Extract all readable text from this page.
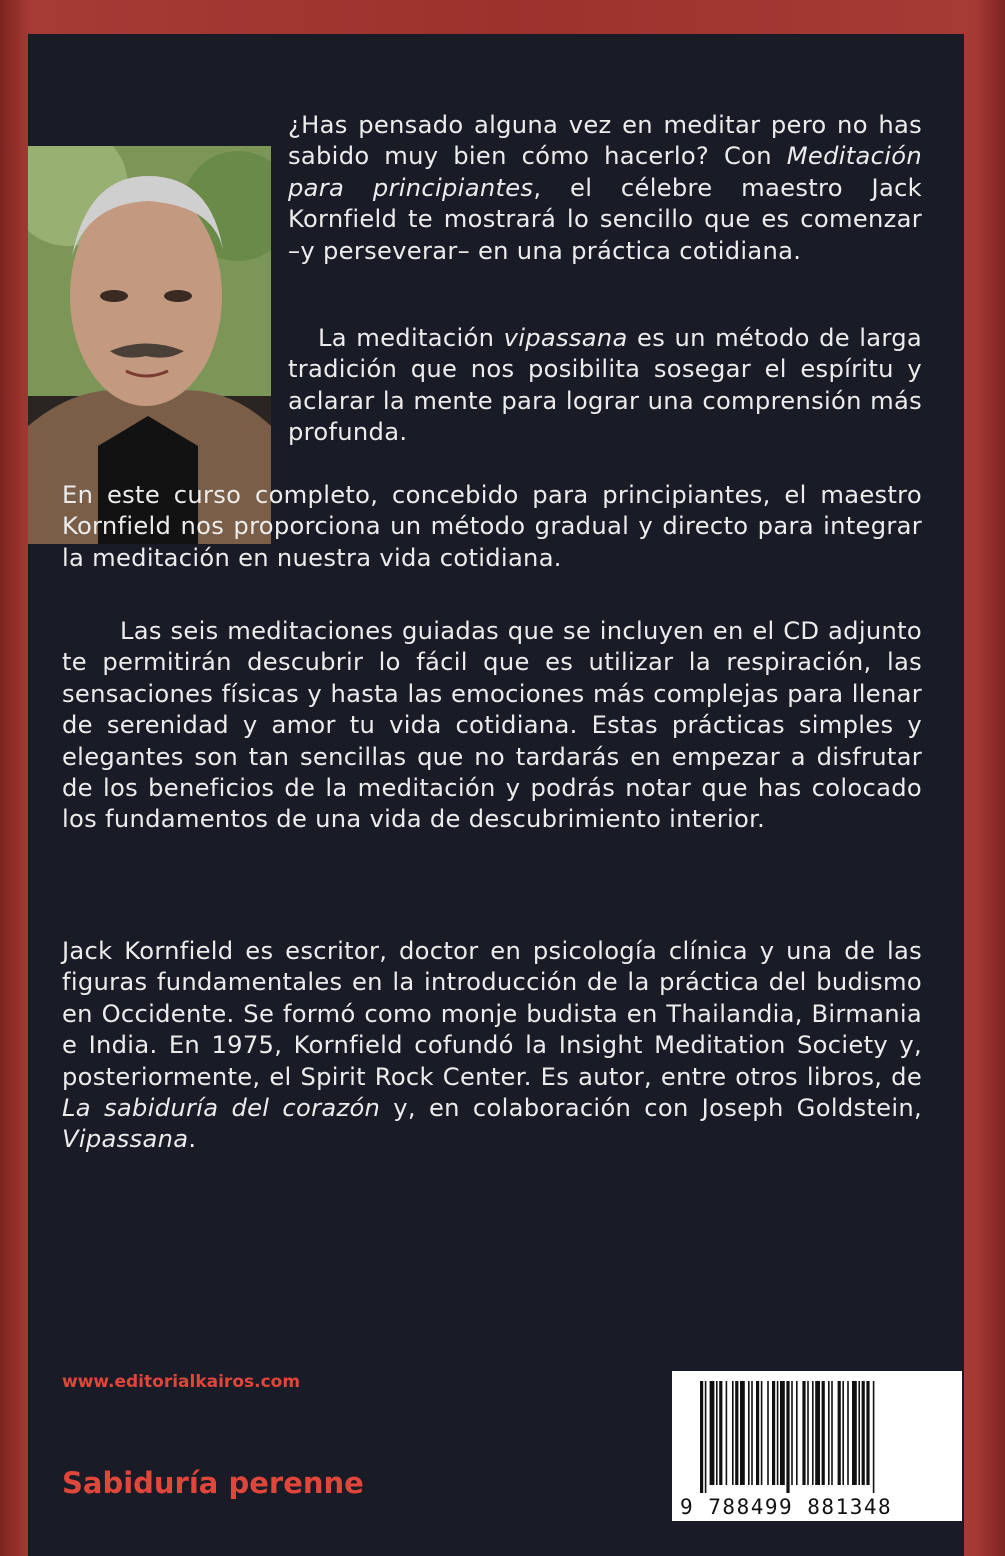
¿Has pensado alguna vez en meditar pero no has sabido muy bien cómo hacerlo? Con Meditación para principiantes, el célebre maestro Jack Kornfield te mostrará lo sencillo que es comenzar –y perseverar– en una práctica cotidiana.

La meditación vipassana es un método de larga tradición que nos posibilita sosegar el espíritu y aclarar la mente para lograr una comprensión más profunda.

En este curso completo, concebido para principiantes, el maestro Kornfield nos proporciona un método gradual y directo para integrar la meditación en nuestra vida cotidiana.

Las seis meditaciones guiadas que se incluyen en el CD adjunto te permitirán descubrir lo fácil que es utilizar la respiración, las sensaciones físicas y hasta las emociones más complejas para llenar de serenidad y amor tu vida cotidiana. Estas prácticas simples y elegantes son tan sencillas que no tardarás en empezar a disfrutar de los beneficios de la meditación y podrás notar que has colocado los fundamentos de una vida de descubrimiento interior.

Jack Kornfield es escritor, doctor en psicología clínica y una de las figuras fundamentales en la introducción de la práctica del budismo en Occidente. Se formó como monje budista en Thailandia, Birmania e India. En 1975, Kornfield cofundó la Insight Meditation Society y, posteriormente, el Spirit Rock Center. Es autor, entre otros libros, de La sabiduría del corazón y, en colaboración con Joseph Goldstein, Vipassana.

www.editorialkairos.com
Sabiduría perenne
9 788499 881348
